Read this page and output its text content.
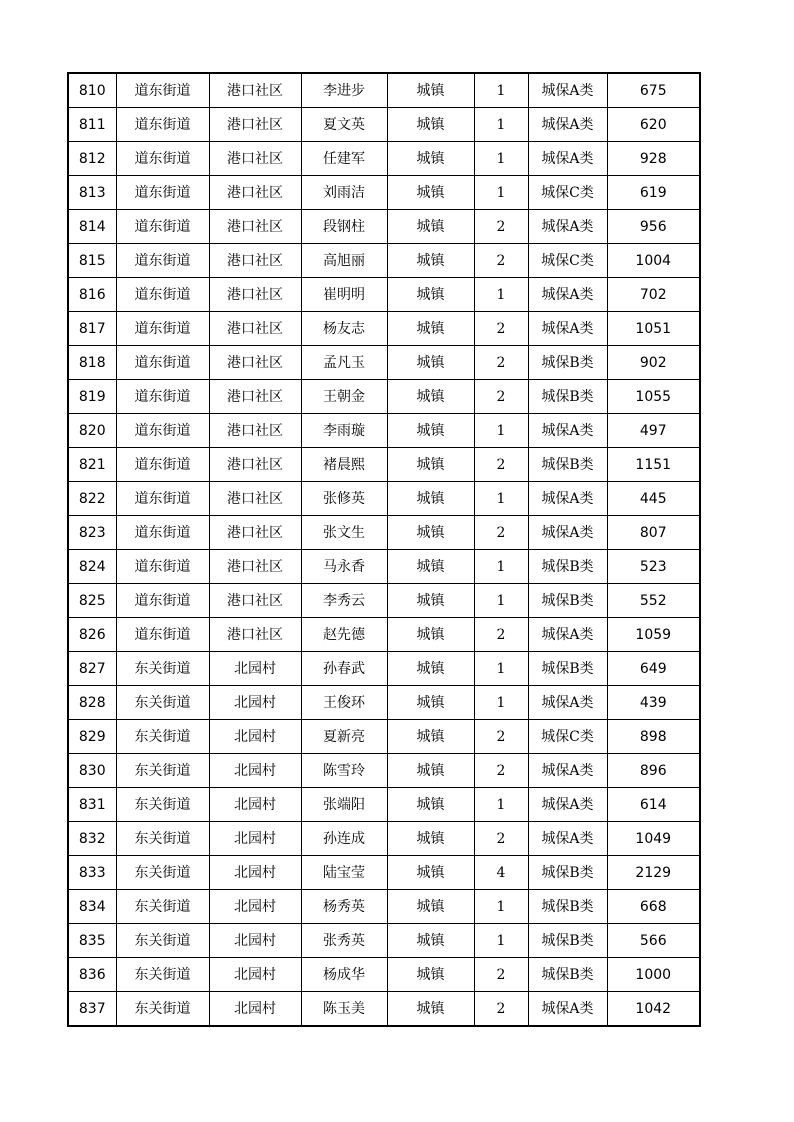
810	道东街道	港口社区	李进步	城镇	1	城保A类	675
811	道东街道	港口社区	夏文英	城镇	1	城保A类	620
812	道东街道	港口社区	任建军	城镇	1	城保A类	928
813	道东街道	港口社区	刘雨洁	城镇	1	城保C类	619
814	道东街道	港口社区	段钢柱	城镇	2	城保A类	956
815	道东街道	港口社区	高旭丽	城镇	2	城保C类	1004
816	道东街道	港口社区	崔明明	城镇	1	城保A类	702
817	道东街道	港口社区	杨友志	城镇	2	城保A类	1051
818	道东街道	港口社区	孟凡玉	城镇	2	城保B类	902
819	道东街道	港口社区	王朝金	城镇	2	城保B类	1055
820	道东街道	港口社区	李雨璇	城镇	1	城保A类	497
821	道东街道	港口社区	褚晨熙	城镇	2	城保B类	1151
822	道东街道	港口社区	张修英	城镇	1	城保A类	445
823	道东街道	港口社区	张文生	城镇	2	城保A类	807
824	道东街道	港口社区	马永香	城镇	1	城保B类	523
825	道东街道	港口社区	李秀云	城镇	1	城保B类	552
826	道东街道	港口社区	赵先德	城镇	2	城保A类	1059
827	东关街道	北园村	孙春武	城镇	1	城保B类	649
828	东关街道	北园村	王俊环	城镇	1	城保A类	439
829	东关街道	北园村	夏新亮	城镇	2	城保C类	898
830	东关街道	北园村	陈雪玲	城镇	2	城保A类	896
831	东关街道	北园村	张端阳	城镇	1	城保A类	614
832	东关街道	北园村	孙连成	城镇	2	城保A类	1049
833	东关街道	北园村	陆宝莹	城镇	4	城保B类	2129
834	东关街道	北园村	杨秀英	城镇	1	城保B类	668
835	东关街道	北园村	张秀英	城镇	1	城保B类	566
836	东关街道	北园村	杨成华	城镇	2	城保B类	1000
837	东关街道	北园村	陈玉美	城镇	2	城保A类	1042
